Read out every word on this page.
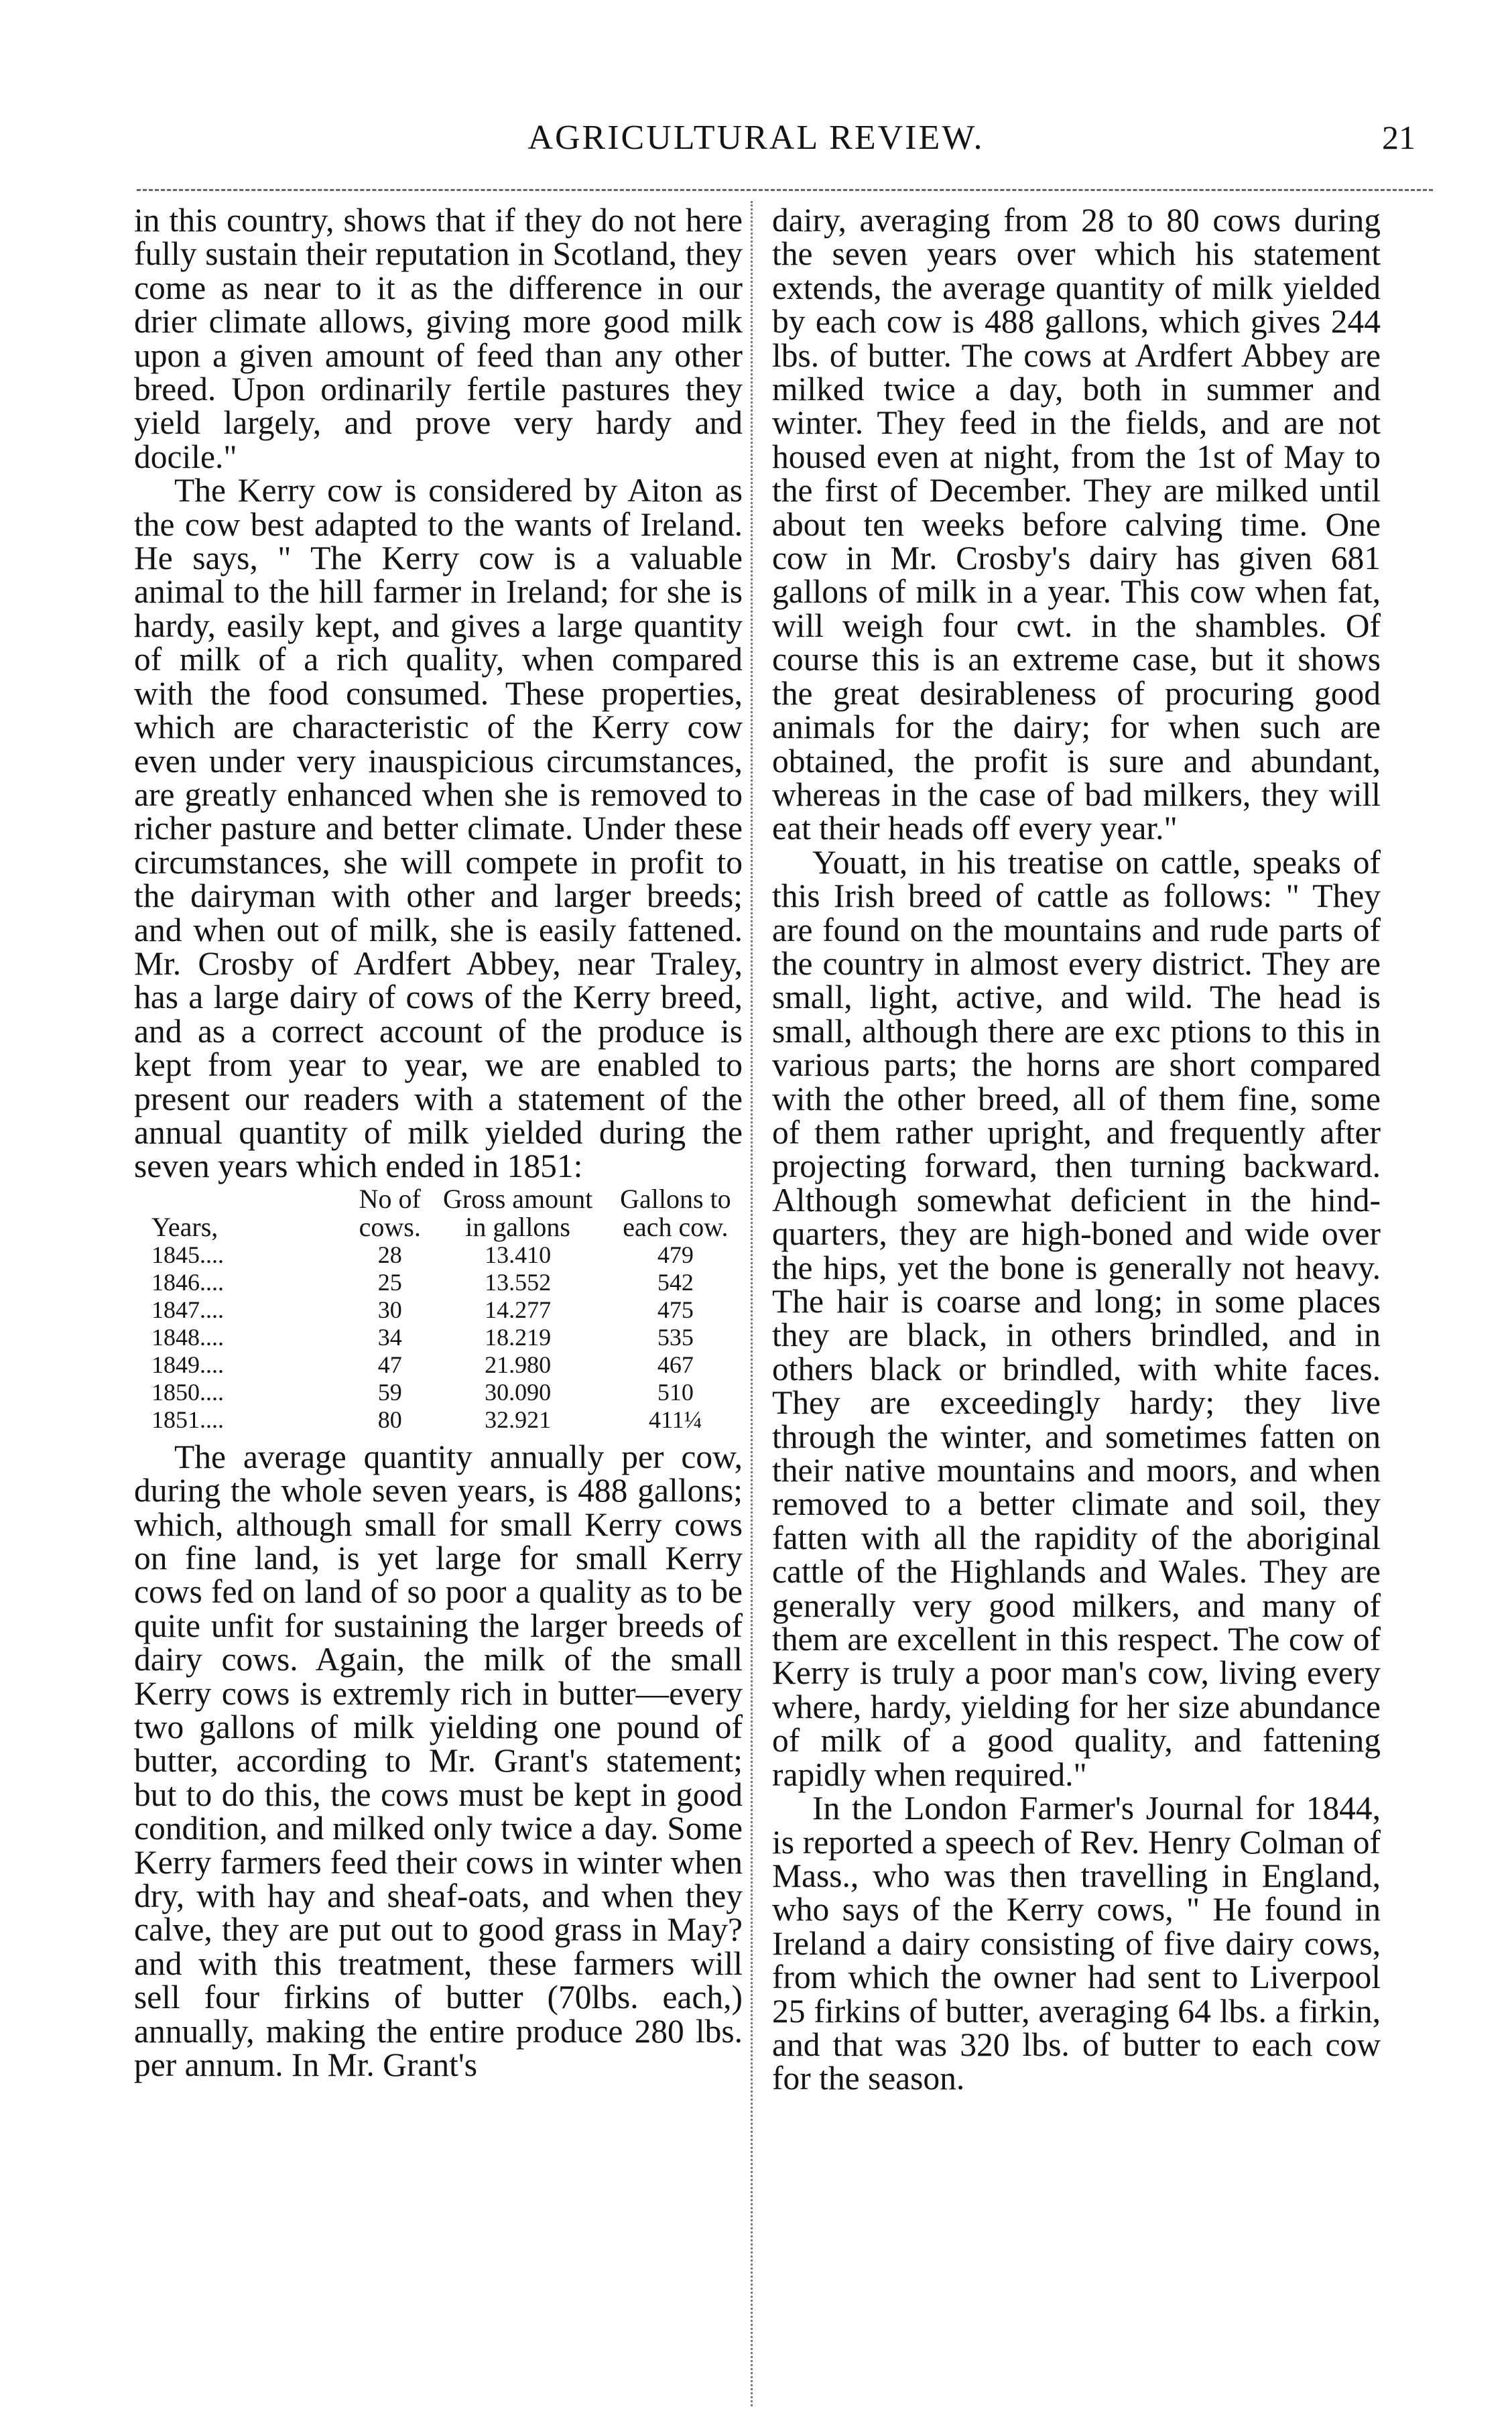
AGRICULTURAL REVIEW.	21

in this country, shows that if they do not here fully sustain their reputation in Scotland, they come as near to it as the difference in our drier climate allows, giving more good milk upon a given amount of feed than any other breed. Upon ordinarily fertile pastures they yield largely, and prove very hardy and docile."

The Kerry cow is considered by Aiton as the cow best adapted to the wants of Ireland. He says, " The Kerry cow is a valuable animal to the hill farmer in Ireland; for she is hardy, easily kept, and gives a large quantity of milk of a rich quality, when compared with the food consumed. These properties, which are characteristic of the Kerry cow even under very inauspicious circumstances, are greatly enhanced when she is removed to richer pasture and better climate. Under these circumstances, she will compete in profit to the dairyman with other and larger breeds; and when out of milk, she is easily fattened. Mr. Crosby of Ardfert Abbey, near Traley, has a large dairy of cows of the Kerry breed, and as a correct account of the produce is kept from year to year, we are enabled to present our readers with a statement of the annual quantity of milk yielded during the seven years which ended in 1851:

	No of	Gross amount	Gallons to
Years,	cows.	in gallons	each cow.
1845....	28	13.410	479
1846....	25	13.552	542
1847....	30	14.277	475
1848....	34	18.219	535
1849....	47	21.980	467
1850....	59	30.090	510
1851....	80	32.921	411¼

The average quantity annually per cow, during the whole seven years, is 488 gallons; which, although small for small Kerry cows on fine land, is yet large for small Kerry cows fed on land of so poor a quality as to be quite unfit for sustaining the larger breeds of dairy cows. Again, the milk of the small Kerry cows is extremly rich in butter—every two gallons of milk yielding one pound of butter, according to Mr. Grant's statement; but to do this, the cows must be kept in good condition, and milked only twice a day. Some Kerry farmers feed their cows in winter when dry, with hay and sheaf-oats, and when they calve, they are put out to good grass in May? and with this treatment, these farmers will sell four firkins of butter (70lbs. each,) annually, making the entire produce 280 lbs. per annum. In Mr. Grant's

dairy, averaging from 28 to 80 cows during the seven years over which his statement extends, the average quantity of milk yielded by each cow is 488 gallons, which gives 244 lbs. of butter. The cows at Ardfert Abbey are milked twice a day, both in summer and winter. They feed in the fields, and are not housed even at night, from the 1st of May to the first of December. They are milked until about ten weeks before calving time. One cow in Mr. Crosby's dairy has given 681 gallons of milk in a year. This cow when fat, will weigh four cwt. in the shambles. Of course this is an extreme case, but it shows the great desirableness of procuring good animals for the dairy; for when such are obtained, the profit is sure and abundant, whereas in the case of bad milkers, they will eat their heads off every year."

Youatt, in his treatise on cattle, speaks of this Irish breed of cattle as follows: " They are found on the mountains and rude parts of the country in almost every district. They are small, light, active, and wild. The head is small, although there are exc ptions to this in various parts; the horns are short compared with the other breed, all of them fine, some of them rather upright, and frequently after projecting forward, then turning backward. Although somewhat deficient in the hind-quarters, they are high-boned and wide over the hips, yet the bone is generally not heavy. The hair is coarse and long; in some places they are black, in others brindled, and in others black or brindled, with white faces. They are exceedingly hardy; they live through the winter, and sometimes fatten on their native mountains and moors, and when removed to a better climate and soil, they fatten with all the rapidity of the aboriginal cattle of the Highlands and Wales. They are generally very good milkers, and many of them are excellent in this respect. The cow of Kerry is truly a poor man's cow, living every where, hardy, yielding for her size abundance of milk of a good quality, and fattening rapidly when required."

In the London Farmer's Journal for 1844, is reported a speech of Rev. Henry Colman of Mass., who was then travelling in England, who says of the Kerry cows, " He found in Ireland a dairy consisting of five dairy cows, from which the owner had sent to Liverpool 25 firkins of butter, averaging 64 lbs. a firkin, and that was 320 lbs. of butter to each cow for the season.
